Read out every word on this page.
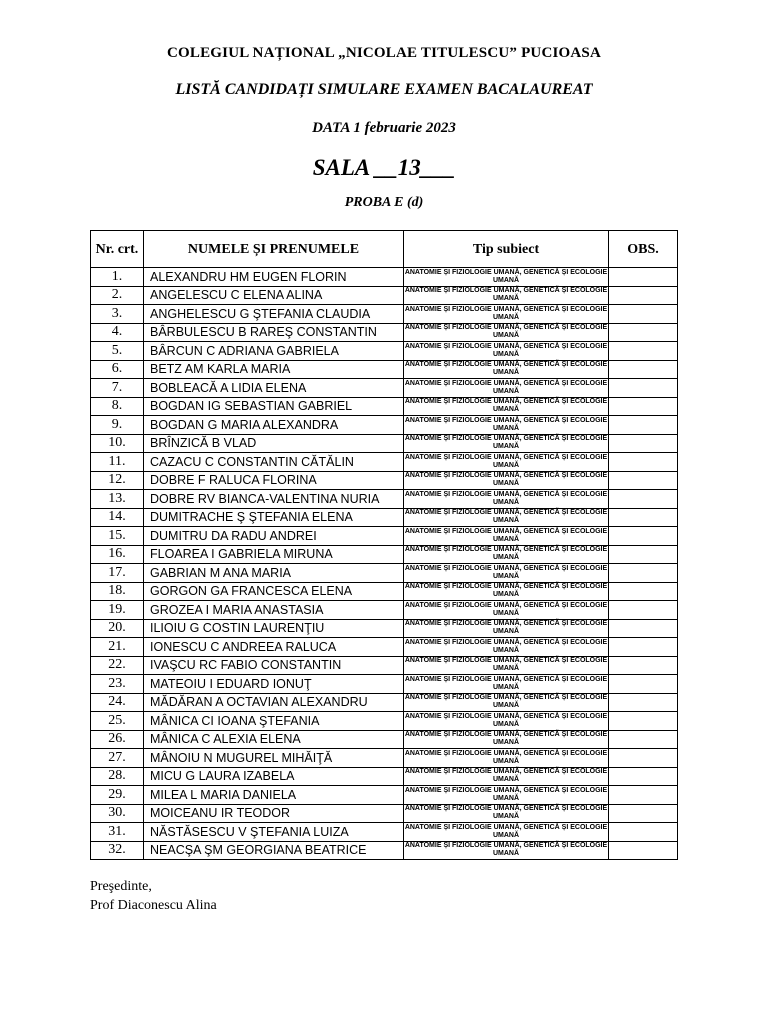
COLEGIUL NAȚIONAL „NICOLAE TITULESCU” PUCIOASA
LISTĂ CANDIDAȚI SIMULARE EXAMEN BACALAUREAT
DATA 1 februarie 2023
SALA __13___
PROBA E (d)
Nr. crt.	NUMELE ȘI PRENUMELE	Tip subiect	OBS.
1.	ALEXANDRU HM EUGEN FLORIN	ANATOMIE ȘI FIZIOLOGIE UMANĂ, GENETICĂ ȘI ECOLOGIE UMANĂ	
2.	ANGELESCU C ELENA ALINA	ANATOMIE ȘI FIZIOLOGIE UMANĂ, GENETICĂ ȘI ECOLOGIE UMANĂ	
3.	ANGHELESCU G ŞTEFANIA CLAUDIA	ANATOMIE ȘI FIZIOLOGIE UMANĂ, GENETICĂ ȘI ECOLOGIE UMANĂ	
4.	BÂRBULESCU B RAREŞ CONSTANTIN	ANATOMIE ȘI FIZIOLOGIE UMANĂ, GENETICĂ ȘI ECOLOGIE UMANĂ	
5.	BÂRCUN C ADRIANA GABRIELA	ANATOMIE ȘI FIZIOLOGIE UMANĂ, GENETICĂ ȘI ECOLOGIE UMANĂ	
6.	BETZ AM KARLA MARIA	ANATOMIE ȘI FIZIOLOGIE UMANĂ, GENETICĂ ȘI ECOLOGIE UMANĂ	
7.	BOBLEACĂ A LIDIA ELENA	ANATOMIE ȘI FIZIOLOGIE UMANĂ, GENETICĂ ȘI ECOLOGIE UMANĂ	
8.	BOGDAN IG SEBASTIAN GABRIEL	ANATOMIE ȘI FIZIOLOGIE UMANĂ, GENETICĂ ȘI ECOLOGIE UMANĂ	
9.	BOGDAN G MARIA ALEXANDRA	ANATOMIE ȘI FIZIOLOGIE UMANĂ, GENETICĂ ȘI ECOLOGIE UMANĂ	
10.	BRÎNZICĂ B VLAD	ANATOMIE ȘI FIZIOLOGIE UMANĂ, GENETICĂ ȘI ECOLOGIE UMANĂ	
11.	CAZACU C CONSTANTIN CĂTĂLIN	ANATOMIE ȘI FIZIOLOGIE UMANĂ, GENETICĂ ȘI ECOLOGIE UMANĂ	
12.	DOBRE F RALUCA FLORINA	ANATOMIE ȘI FIZIOLOGIE UMANĂ, GENETICĂ ȘI ECOLOGIE UMANĂ	
13.	DOBRE RV BIANCA-VALENTINA NURIA	ANATOMIE ȘI FIZIOLOGIE UMANĂ, GENETICĂ ȘI ECOLOGIE UMANĂ	
14.	DUMITRACHE Ş ŞTEFANIA ELENA	ANATOMIE ȘI FIZIOLOGIE UMANĂ, GENETICĂ ȘI ECOLOGIE UMANĂ	
15.	DUMITRU DA RADU ANDREI	ANATOMIE ȘI FIZIOLOGIE UMANĂ, GENETICĂ ȘI ECOLOGIE UMANĂ	
16.	FLOAREA I GABRIELA MIRUNA	ANATOMIE ȘI FIZIOLOGIE UMANĂ, GENETICĂ ȘI ECOLOGIE UMANĂ	
17.	GABRIAN M ANA MARIA	ANATOMIE ȘI FIZIOLOGIE UMANĂ, GENETICĂ ȘI ECOLOGIE UMANĂ	
18.	GORGON GA FRANCESCA ELENA	ANATOMIE ȘI FIZIOLOGIE UMANĂ, GENETICĂ ȘI ECOLOGIE UMANĂ	
19.	GROZEA I MARIA ANASTASIA	ANATOMIE ȘI FIZIOLOGIE UMANĂ, GENETICĂ ȘI ECOLOGIE UMANĂ	
20.	ILIOIU G COSTIN LAURENŢIU	ANATOMIE ȘI FIZIOLOGIE UMANĂ, GENETICĂ ȘI ECOLOGIE UMANĂ	
21.	IONESCU C ANDREEA RALUCA	ANATOMIE ȘI FIZIOLOGIE UMANĂ, GENETICĂ ȘI ECOLOGIE UMANĂ	
22.	IVAŞCU RC FABIO CONSTANTIN	ANATOMIE ȘI FIZIOLOGIE UMANĂ, GENETICĂ ȘI ECOLOGIE UMANĂ	
23.	MATEOIU I EDUARD IONUŢ	ANATOMIE ȘI FIZIOLOGIE UMANĂ, GENETICĂ ȘI ECOLOGIE UMANĂ	
24.	MĂDĂRAN A OCTAVIAN ALEXANDRU	ANATOMIE ȘI FIZIOLOGIE UMANĂ, GENETICĂ ȘI ECOLOGIE UMANĂ	
25.	MÂNICA CI IOANA ŞTEFANIA	ANATOMIE ȘI FIZIOLOGIE UMANĂ, GENETICĂ ȘI ECOLOGIE UMANĂ	
26.	MÂNICA C ALEXIA ELENA	ANATOMIE ȘI FIZIOLOGIE UMANĂ, GENETICĂ ȘI ECOLOGIE UMANĂ	
27.	MÂNOIU N MUGUREL MIHĂIŢĂ	ANATOMIE ȘI FIZIOLOGIE UMANĂ, GENETICĂ ȘI ECOLOGIE UMANĂ	
28.	MICU G LAURA IZABELA	ANATOMIE ȘI FIZIOLOGIE UMANĂ, GENETICĂ ȘI ECOLOGIE UMANĂ	
29.	MILEA L MARIA DANIELA	ANATOMIE ȘI FIZIOLOGIE UMANĂ, GENETICĂ ȘI ECOLOGIE UMANĂ	
30.	MOICEANU IR TEODOR	ANATOMIE ȘI FIZIOLOGIE UMANĂ, GENETICĂ ȘI ECOLOGIE UMANĂ	
31.	NĂSTĂSESCU V ŞTEFANIA LUIZA	ANATOMIE ȘI FIZIOLOGIE UMANĂ, GENETICĂ ȘI ECOLOGIE UMANĂ	
32.	NEACŞA ŞM GEORGIANA BEATRICE	ANATOMIE ȘI FIZIOLOGIE UMANĂ, GENETICĂ ȘI ECOLOGIE UMANĂ	
Preşedinte,
Prof Diaconescu Alina
